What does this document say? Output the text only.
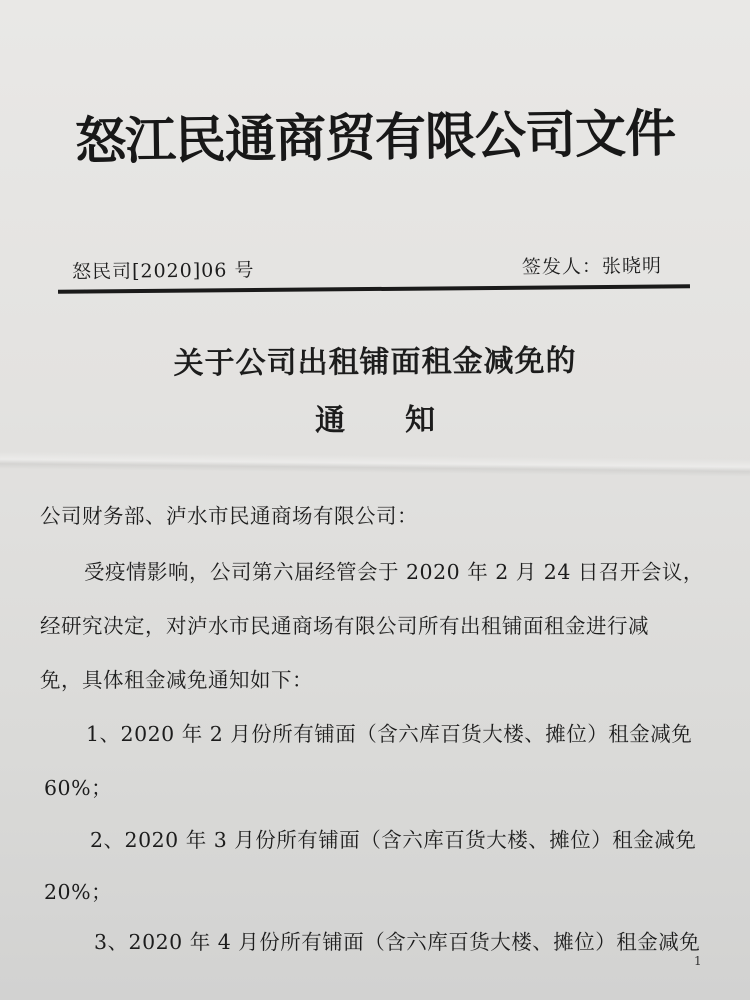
怒江民通商贸有限公司文件
怒民司[2020]06 号	签发人：张晓明
关于公司出租铺面租金减免的
通　　知
公司财务部、泸水市民通商场有限公司：
受疫情影响，公司第六届经管会于 2020 年 2 月 24 日召开会议，
经研究决定，对泸水市民通商场有限公司所有出租铺面租金进行减
免，具体租金减免通知如下：
1、2020 年 2 月份所有铺面（含六库百货大楼、摊位）租金减免
60%；
2、2020 年 3 月份所有铺面（含六库百货大楼、摊位）租金减免
20%；
3、2020 年 4 月份所有铺面（含六库百货大楼、摊位）租金减免
1
